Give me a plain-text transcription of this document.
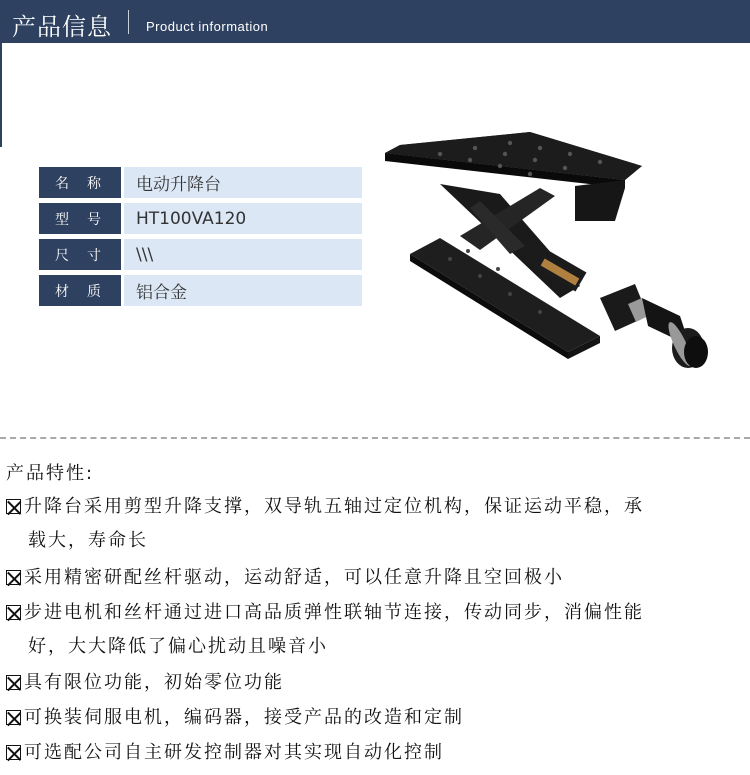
产品信息	Product information
名称	电动升降台
型号	HT100VA120
尺寸	\\\
材质	铝合金
产品特性:
升降台采用剪型升降支撑，双导轨五轴过定位机构，保证运动平稳，承
载大，寿命长
采用精密研配丝杆驱动，运动舒适，可以任意升降且空回极小
步进电机和丝杆通过进口高品质弹性联轴节连接，传动同步，消偏性能
好，大大降低了偏心扰动且噪音小
具有限位功能，初始零位功能
可换装伺服电机，编码器，接受产品的改造和定制
可选配公司自主研发控制器对其实现自动化控制
